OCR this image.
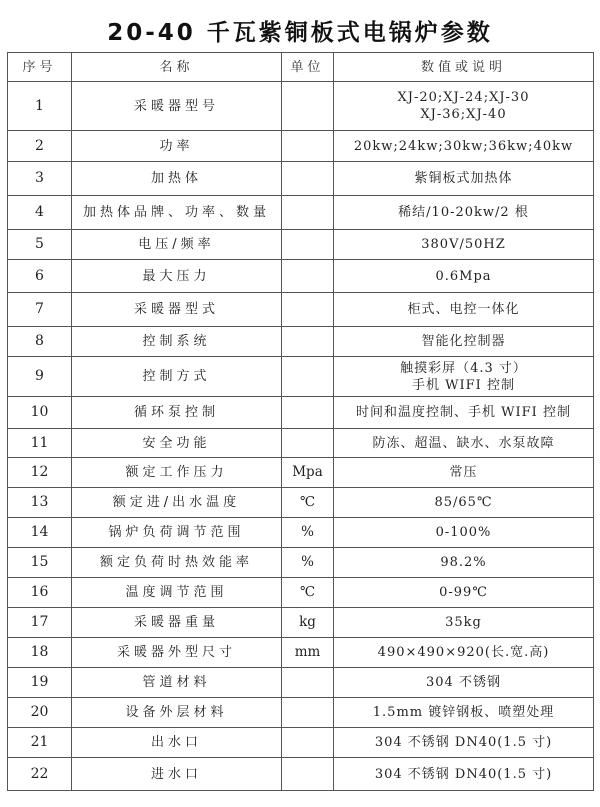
20-40 千瓦紫铜板式电锅炉参数
序号	名称	单位	数值或说明
1	采暖器型号		XJ-20;XJ-24;XJ-30
XJ-36;XJ-40

2	功率		20kw;24kw;30kw;36kw;40kw

3	加热体		紫铜板式加热体

4	加热体品牌、功率、数量		稀结/10-20kw/2 根

5	电压/频率		380V/50HZ

6	最大压力		0.6Mpa

7	采暖器型式		柜式、电控一体化

8	控制系统		智能化控制器

9	控制方式		触摸彩屏（4.3 寸）
手机 WIFI 控制

10	循环泵控制		时间和温度控制、手机 WIFI 控制

11	安全功能		防冻、超温、缺水、水泵故障

12	额定工作压力	Mpa	常压

13	额定进/出水温度	℃	85/65℃

14	锅炉负荷调节范围	%	0-100%

15	额定负荷时热效能率	%	98.2%

16	温度调节范围	℃	0-99℃

17	采暖器重量	kg	35kg

18	采暖器外型尺寸	mm	490×490×920(长.宽.高)

19	管道材料		304 不锈钢

20	设备外层材料		1.5mm 镀锌钢板、喷塑处理

21	出水口		304 不锈钢 DN40(1.5 寸)

22	进水口		304 不锈钢 DN40(1.5 寸)
